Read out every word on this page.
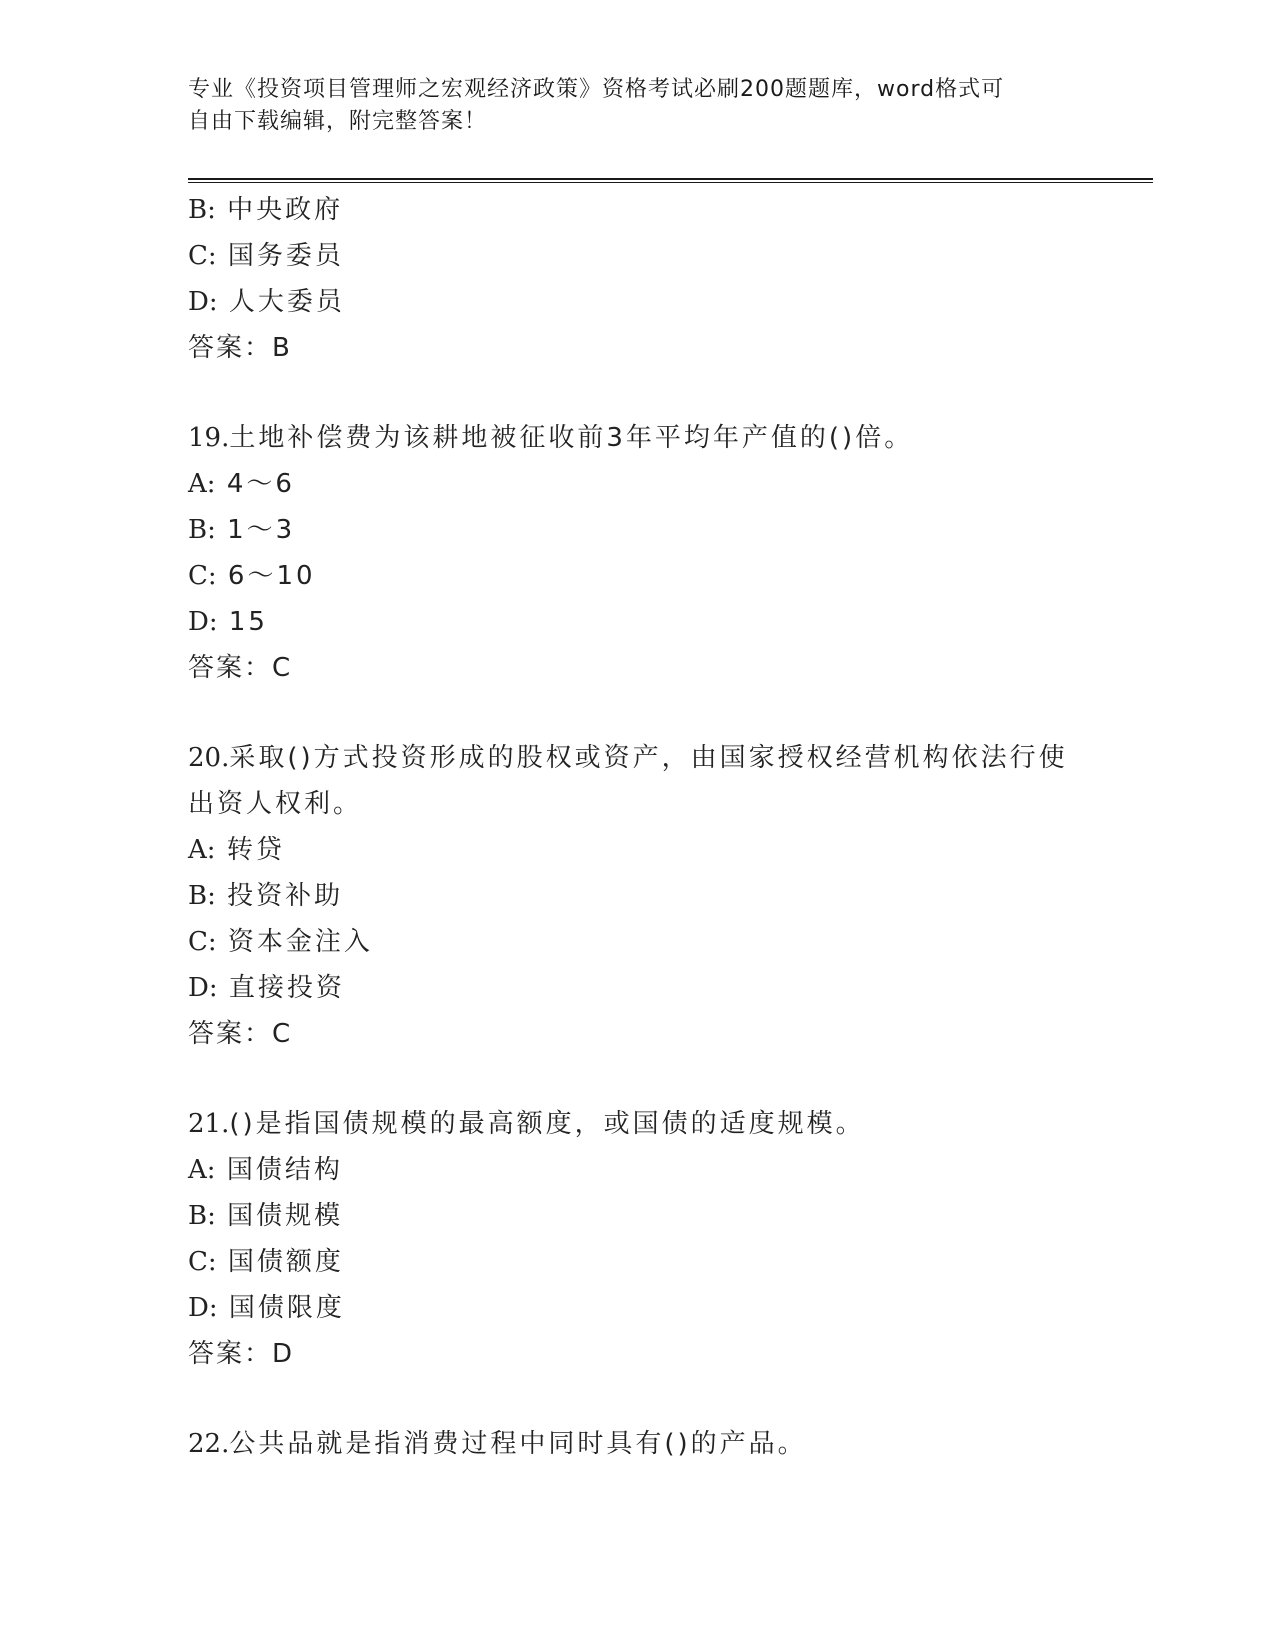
专业《投资项目管理师之宏观经济政策》资格考试必刷200题题库，word格式可
自由下载编辑，附完整答案！
B: 中央政府
C: 国务委员
D: 人大委员
答案：B
19.土地补偿费为该耕地被征收前3年平均年产值的()倍。
A: 4～6
B: 1～3
C: 6～10
D: 15
答案：C
20.采取()方式投资形成的股权或资产，由国家授权经营机构依法行使
出资人权利。
A: 转贷
B: 投资补助
C: 资本金注入
D: 直接投资
答案：C
21.()是指国债规模的最高额度，或国债的适度规模。
A: 国债结构
B: 国债规模
C: 国债额度
D: 国债限度
答案：D
22.公共品就是指消费过程中同时具有()的产品。
